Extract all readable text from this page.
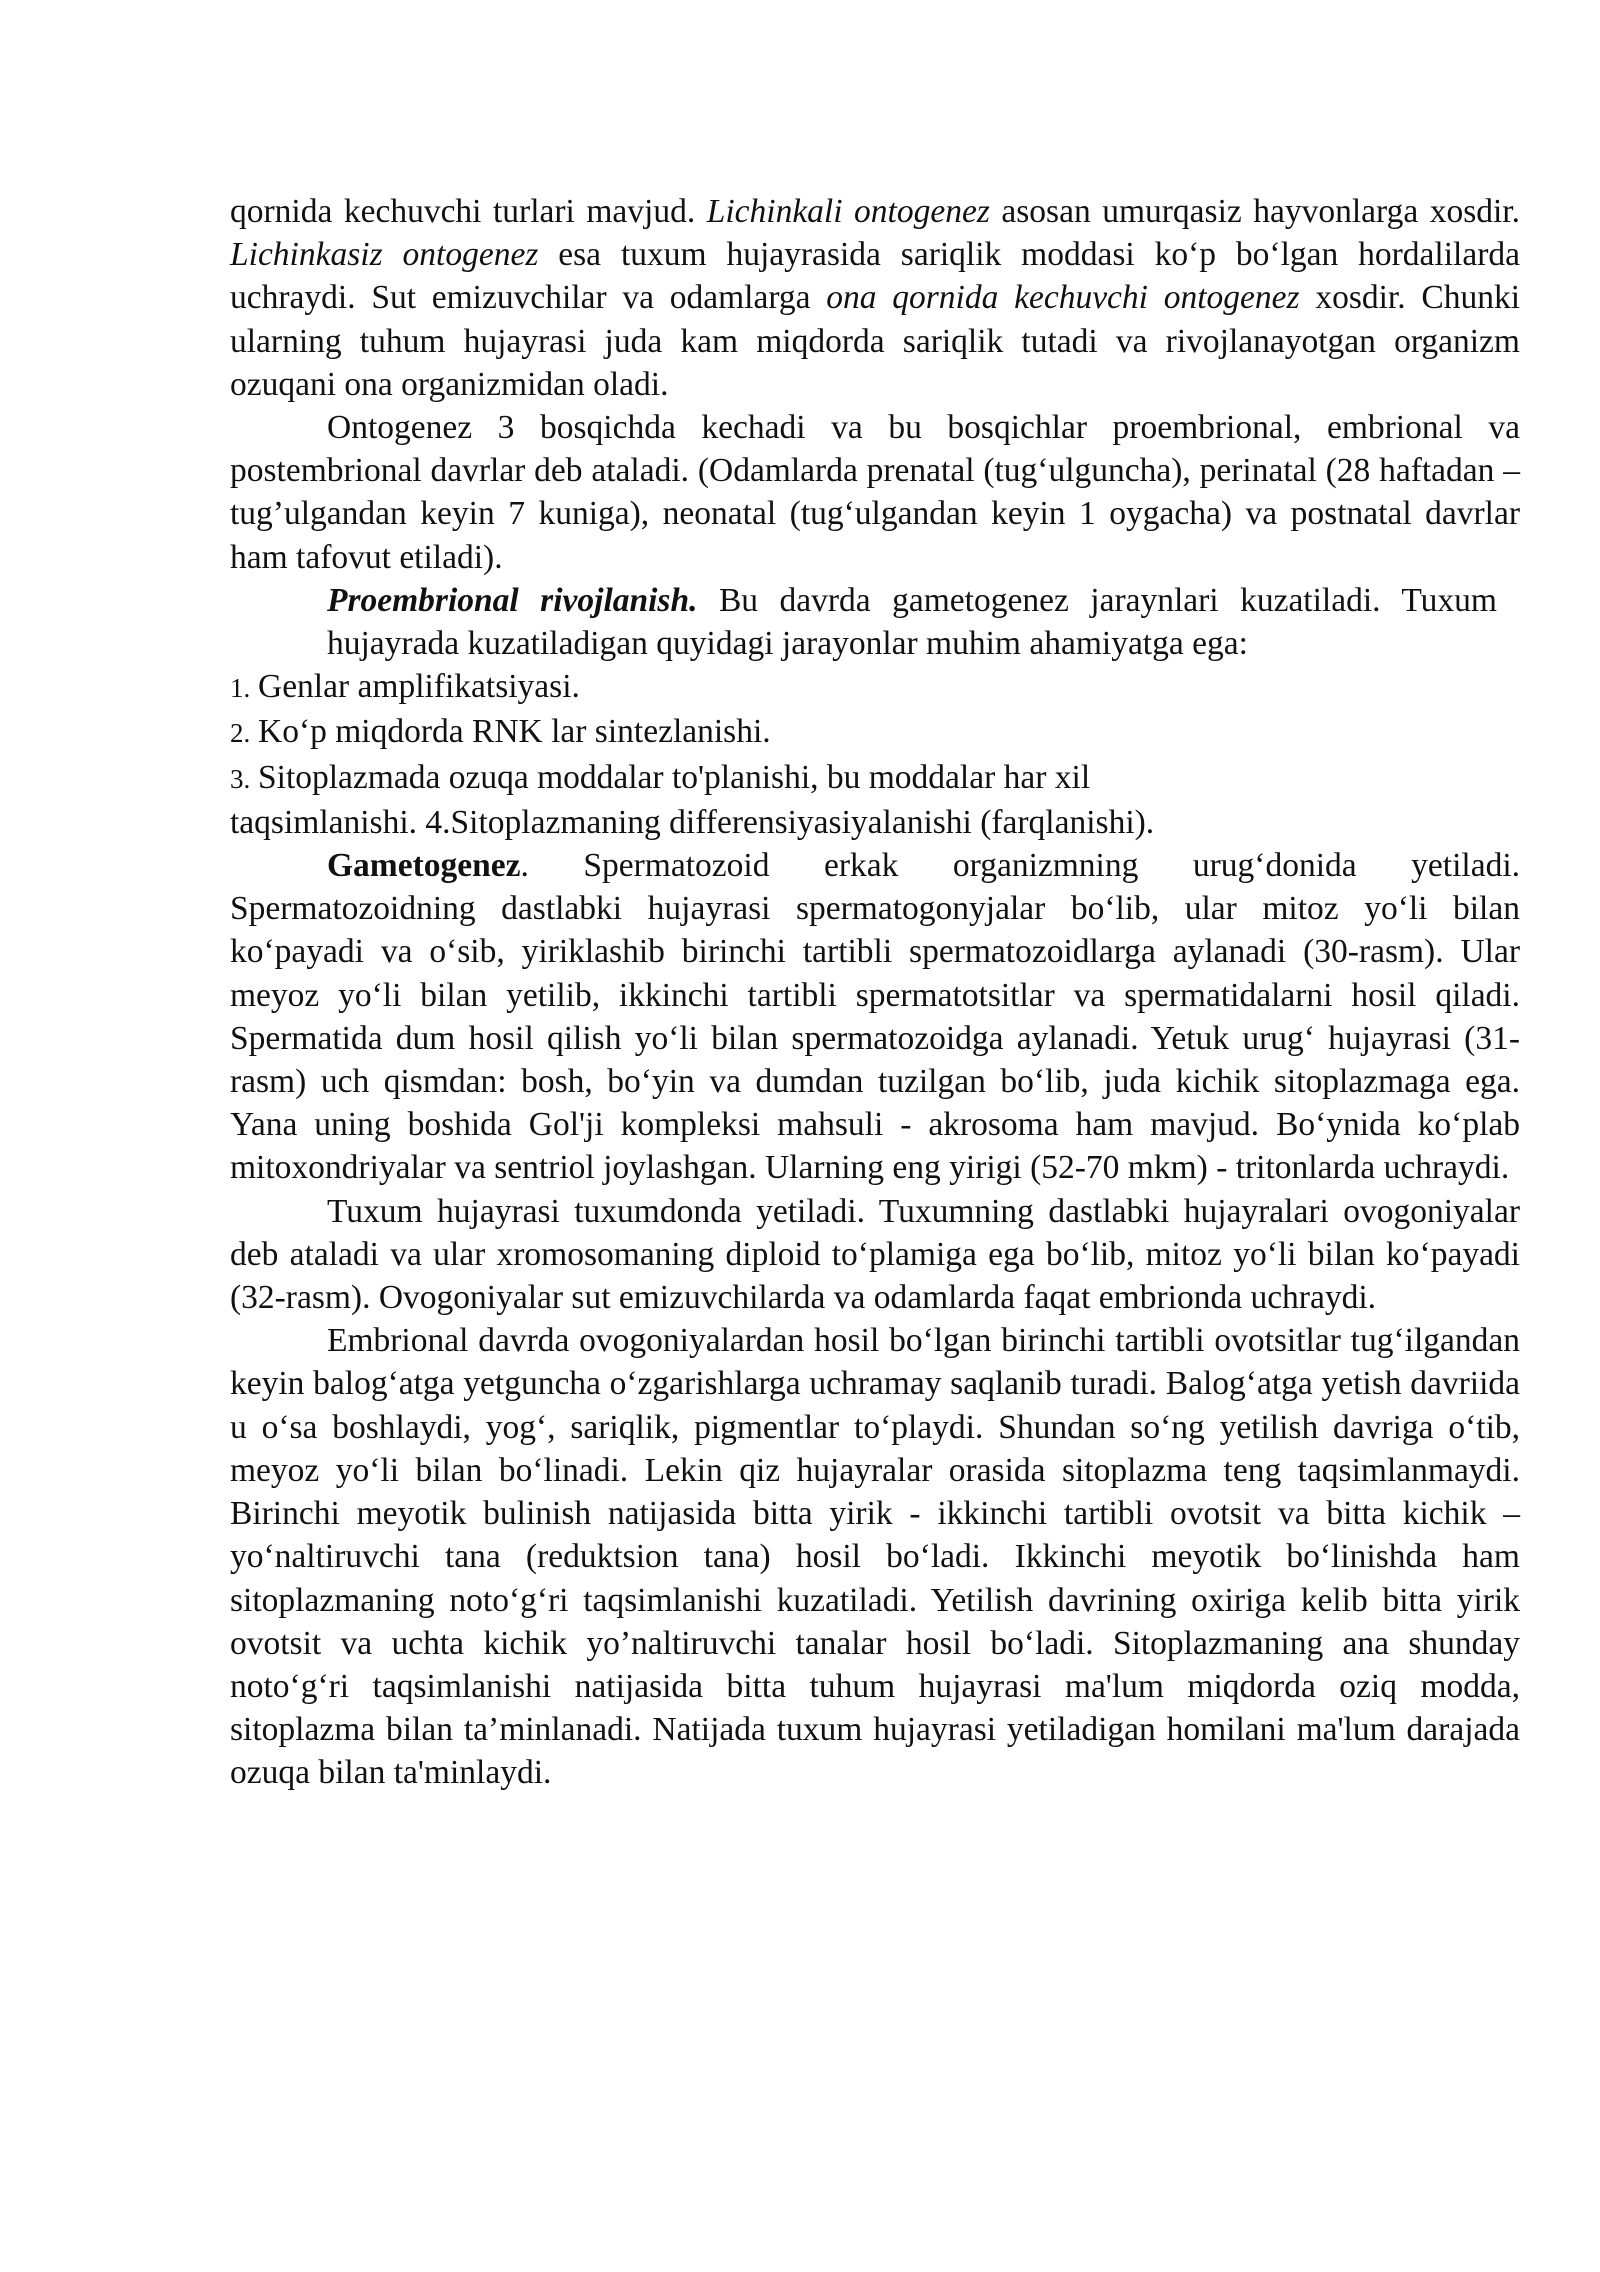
qornida kechuvchi turlari mavjud. Lichinkali ontogenez asosan umurqasiz hayvonlarga xosdir. Lichinkasiz ontogenez esa tuxum hujayrasida sariqlik moddasi ko‘p bo‘lgan hordalilarda uchraydi. Sut emizuvchilar va odamlarga ona qornida kechuvchi ontogenez xosdir. Chunki ularning tuhum hujayrasi juda kam miqdorda sariqlik tutadi va rivojlanayotgan organizm ozuqani ona organizmidan oladi.

Ontogenez 3 bosqichda kechadi va bu bosqichlar proembrional, embrional va postembrional davrlar deb ataladi. (Odamlarda prenatal (tug‘ulguncha), perinatal (28 haftadan – tug’ulgandan keyin 7 kuniga), neonatal (tug‘ulgandan keyin 1 oygacha) va postnatal davrlar ham tafovut etiladi).

Proembrional rivojlanish. Bu davrda gametogenez jaraynlari kuzatiladi. Tuxum hujayrada kuzatiladigan quyidagi jarayonlar muhim ahamiyatga ega:

1. Genlar amplifikatsiyasi.
2. Ko‘p miqdorda RNK lar sintezlanishi.
3. Sitoplazmada ozuqa moddalar to'planishi, bu moddalar har xil

taqsimlanishi. 4.Sitoplazmaning differensiyasiyalanishi (farqlanishi).

Gametogenez. Spermatozoid erkak organizmning urug‘donida yetiladi. Spermatozoidning dastlabki hujayrasi spermatogonyjalar bo‘lib, ular mitoz yo‘li bilan ko‘payadi va o‘sib, yiriklashib birinchi tartibli spermatozoidlarga aylanadi (30-rasm). Ular meyoz yo‘li bilan yetilib, ikkinchi tartibli spermatotsitlar va spermatidalarni hosil qiladi. Spermatida dum hosil qilish yo‘li bilan spermatozoidga aylanadi. Yetuk urug‘ hujayrasi (31-rasm) uch qismdan: bosh, bo‘yin va dumdan tuzilgan bo‘lib, juda kichik sitoplazmaga ega. Yana uning boshida Gol'ji kompleksi mahsuli - akrosoma ham mavjud. Bo‘ynida ko‘plab mitoxondriyalar va sentriol joylashgan. Ularning eng yirigi (52-70 mkm) - tritonlarda uchraydi.

Tuxum hujayrasi tuxumdonda yetiladi. Tuxumning dastlabki hujayralari ovogoniyalar deb ataladi va ular xromosomaning diploid to‘plamiga ega bo‘lib, mitoz yo‘li bilan ko‘payadi (32-rasm). Ovogoniyalar sut emizuvchilarda va odamlarda faqat embrionda uchraydi.

Embrional davrda ovogoniyalardan hosil bo‘lgan birinchi tartibli ovotsitlar tug‘ilgandan keyin balog‘atga yetguncha o‘zgarishlarga uchramay saqlanib turadi. Balog‘atga yetish davriida u o‘sa boshlaydi, yog‘, sariqlik, pigmentlar to‘playdi. Shundan so‘ng yetilish davriga o‘tib, meyoz yo‘li bilan bo‘linadi. Lekin qiz hujayralar orasida sitoplazma teng taqsimlanmaydi. Birinchi meyotik bulinish natijasida bitta yirik - ikkinchi tartibli ovotsit va bitta kichik – yo‘naltiruvchi tana (reduktsion tana) hosil bo‘ladi. Ikkinchi meyotik bo‘linishda ham sitoplazmaning noto‘g‘ri taqsimlanishi kuzatiladi. Yetilish davrining oxiriga kelib bitta yirik ovotsit va uchta kichik yo’naltiruvchi tanalar hosil bo‘ladi. Sitoplazmaning ana shunday noto‘g‘ri taqsimlanishi natijasida bitta tuhum hujayrasi ma'lum miqdorda oziq modda, sitoplazma bilan ta’minlanadi. Natijada tuxum hujayrasi yetiladigan homilani ma'lum darajada ozuqa bilan ta'minlaydi.
